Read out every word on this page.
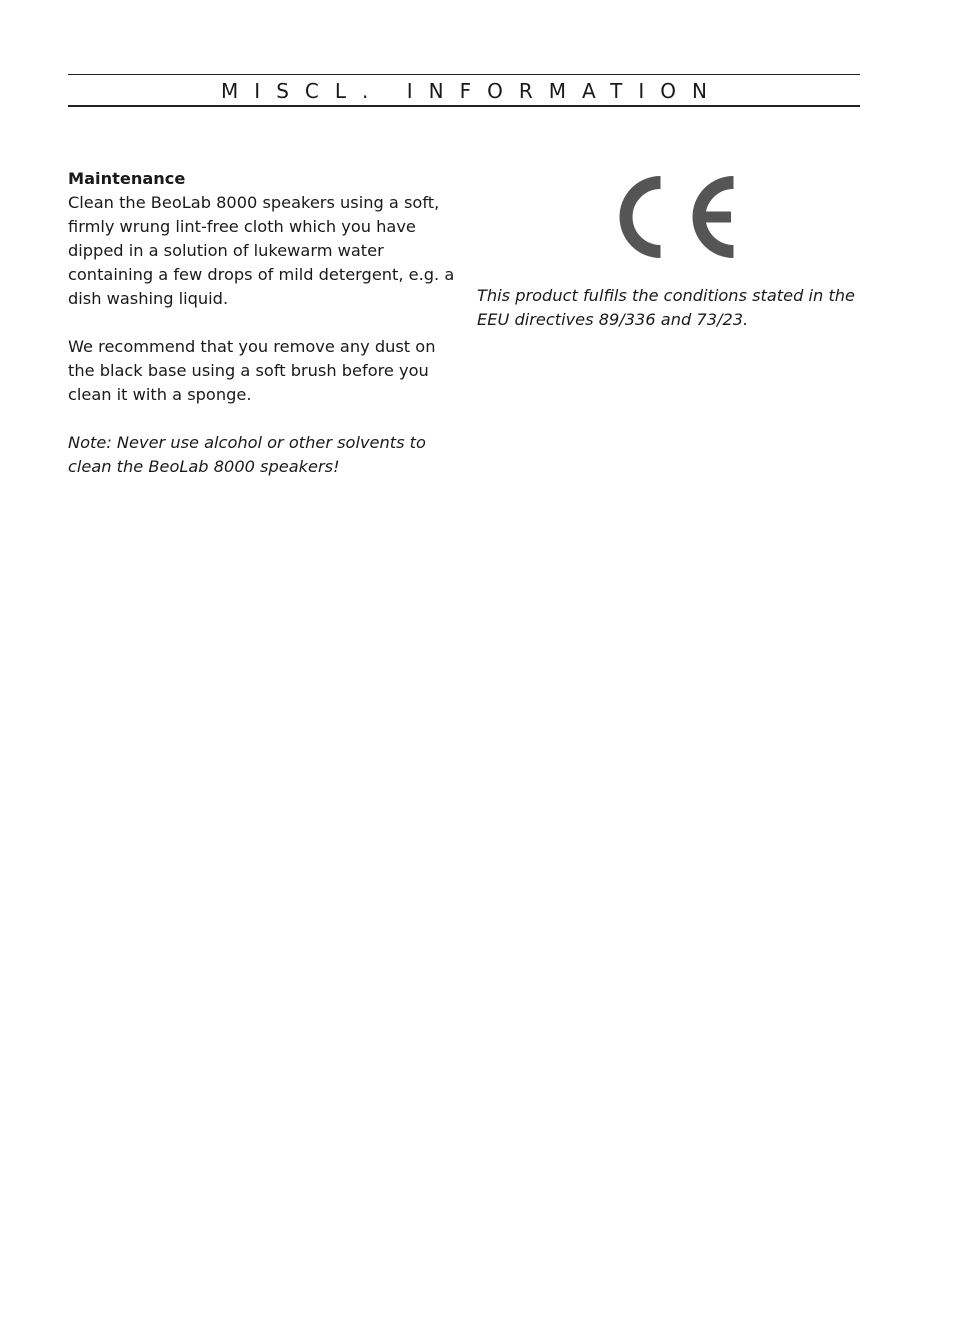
MISCL. INFORMATION

Maintenance
Clean the BeoLab 8000 speakers using a soft, firmly wrung lint-free cloth which you have dipped in a solution of lukewarm water containing a few drops of mild detergent, e.g. a dish washing liquid.

We recommend that you remove any dust on the black base using a soft brush before you clean it with a sponge.

Note: Never use alcohol or other solvents to clean the BeoLab 8000 speakers!

This product fulfils the conditions stated in the EEU directives 89/336 and 73/23.
